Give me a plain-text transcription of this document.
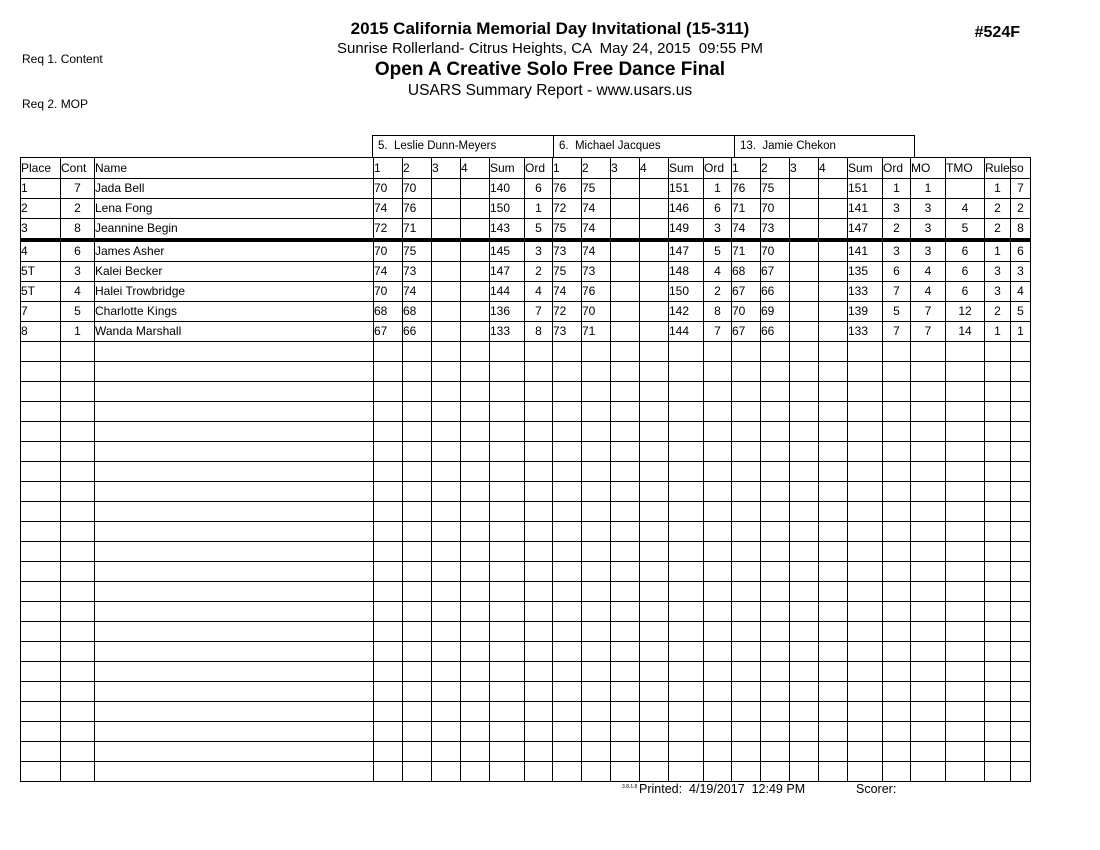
Req 1. Content

Req 2. MOP

2015 California Memorial Day Invitational (15-311)
Sunrise Rollerland- Citrus Heights, CA  May 24, 2015  09:55 PM
Open A Creative Solo Free Dance Final
USARS Summary Report - www.usars.us
#524F
5.  Leslie Dunn-Meyers	6.  Michael Jacques	13.  Jamie Chekon
Place	Cont	Name	1	2	3	4	Sum	Ord	1	2	3	4	Sum	Ord	1	2	3	4	Sum	Ord	MO	TMO	Rule	so
1	7	Jada Bell	70	70			140	6	76	75			151	1	76	75			151	1	1		1	7
2	2	Lena Fong	74	76			150	1	72	74			146	6	71	70			141	3	3	4	2	2
3	8	Jeannine Begin	72	71			143	5	75	74			149	3	74	73			147	2	3	5	2	8
4	6	James Asher	70	75			145	3	73	74			147	5	71	70			141	3	3	6	1	6
5T	3	Kalei Becker	74	73			147	2	75	73			148	4	68	67			135	6	4	6	3	3
5T	4	Halei Trowbridge	70	74			144	4	74	76			150	2	67	66			133	7	4	6	3	4
7	5	Charlotte Kings	68	68			136	7	72	70			142	8	70	69			139	5	7	12	2	5
8	1	Wanda Marshall	67	66			133	8	73	71			144	7	67	66			133	7	7	14	1	1

3.8.1.8 Printed: 4/19/2017  12:49 PM	Scorer:
